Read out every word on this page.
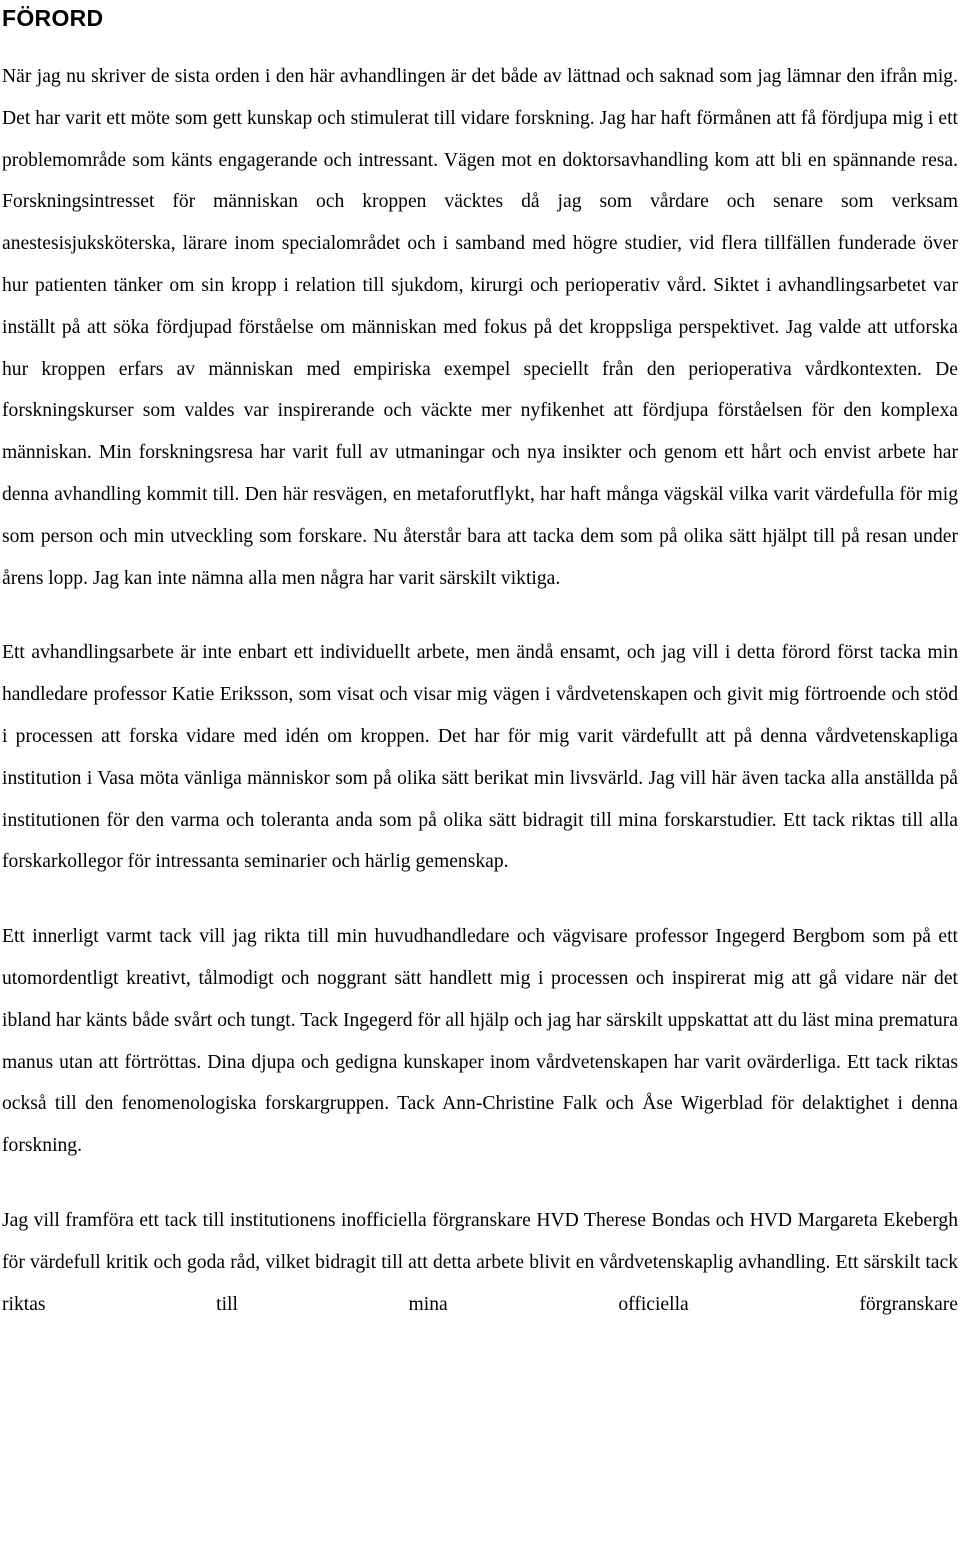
FÖRORD

När jag nu skriver de sista orden i den här avhandlingen är det både av lättnad och saknad som jag lämnar den ifrån mig. Det har varit ett möte som gett kunskap och stimulerat till vidare forskning. Jag har haft förmånen att få fördjupa mig i ett problemområde som känts engagerande och intressant. Vägen mot en doktorsavhandling kom att bli en spännande resa. Forskningsintresset för människan och kroppen väcktes då jag som vårdare och senare som verksam anestesisjuksköterska, lärare inom specialområdet och i samband med högre studier, vid flera tillfällen funderade över hur patienten tänker om sin kropp i relation till sjukdom, kirurgi och perioperativ vård. Siktet i avhandlingsarbetet var inställt på att söka fördjupad förståelse om människan med fokus på det kroppsliga perspektivet. Jag valde att utforska hur kroppen erfars av människan med empiriska exempel speciellt från den perioperativa vårdkontexten. De forskningskurser som valdes var inspirerande och väckte mer nyfikenhet att fördjupa förståelsen för den komplexa människan. Min forskningsresa har varit full av utmaningar och nya insikter och genom ett hårt och envist arbete har denna avhandling kommit till. Den här resvägen, en metaforutflykt, har haft många vägskäl vilka varit värdefulla för mig som person och min utveckling som forskare. Nu återstår bara att tacka dem som på olika sätt hjälpt till på resan under årens lopp. Jag kan inte nämna alla men några har varit särskilt viktiga.

Ett avhandlingsarbete är inte enbart ett individuellt arbete, men ändå ensamt, och jag vill i detta förord först tacka min handledare professor Katie Eriksson, som visat och visar mig vägen i vårdvetenskapen och givit mig förtroende och stöd i processen att forska vidare med idén om kroppen. Det har för mig varit värdefullt att på denna vårdvetenskapliga institution i Vasa möta vänliga människor som på olika sätt berikat min livsvärld. Jag vill här även tacka alla anställda på institutionen för den varma och toleranta anda som på olika sätt bidragit till mina forskarstudier. Ett tack riktas till alla forskarkollegor för intressanta seminarier och härlig gemenskap.

Ett innerligt varmt tack vill jag rikta till min huvudhandledare och vägvisare professor Ingegerd Bergbom som på ett utomordentligt kreativt, tålmodigt och noggrant sätt handlett mig i processen och inspirerat mig att gå vidare när det ibland har känts både svårt och tungt. Tack Ingegerd för all hjälp och jag har särskilt uppskattat att du läst mina prematura manus utan att förtröttas. Dina djupa och gedigna kunskaper inom vårdvetenskapen har varit ovärderliga. Ett tack riktas också till den fenomenologiska forskargruppen. Tack Ann-Christine Falk och Åse Wigerblad för delaktighet i denna forskning.

Jag vill framföra ett tack till institutionens inofficiella förgranskare HVD Therese Bondas och HVD Margareta Ekebergh för värdefull kritik och goda råd, vilket bidragit till att detta arbete blivit en vårdvetenskaplig avhandling. Ett särskilt tack riktas till mina officiella förgranskare
